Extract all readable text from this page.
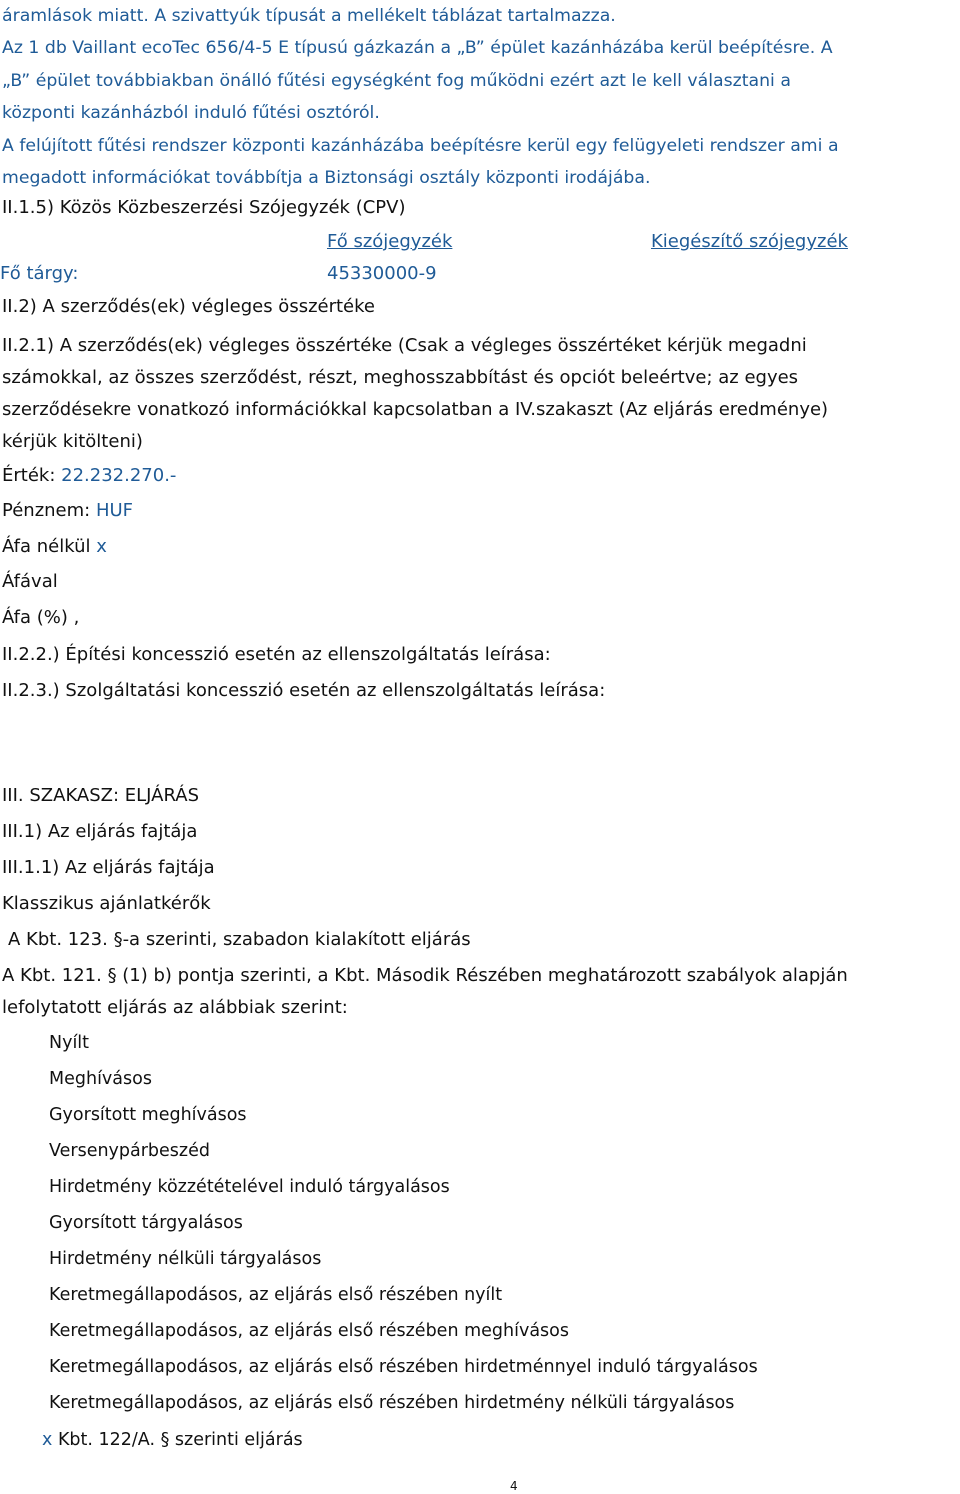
áramlások miatt. A szivattyúk típusát a mellékelt táblázat tartalmazza.
Az 1 db Vaillant ecoTec 656/4-5 E típusú gázkazán a „B” épület kazánházába kerül beépítésre. A
„B” épület továbbiakban önálló fűtési egységként fog működni ezért azt le kell választani a
központi kazánházból induló fűtési osztóról.
A felújított fűtési rendszer központi kazánházába beépítésre kerül egy felügyeleti rendszer ami a
megadott információkat továbbítja a Biztonsági osztály központi irodájába.
II.1.5) Közös Közbeszerzési Szójegyzék (CPV)
Fő szójegyzék	Kiegészítő szójegyzék
Fő tárgy:	45330000-9
II.2) A szerződés(ek) végleges összértéke
II.2.1) A szerződés(ek) végleges összértéke (Csak a végleges összértéket kérjük megadni
számokkal, az összes szerződést, részt, meghosszabbítást és opciót beleértve; az egyes
szerződésekre vonatkozó információkkal kapcsolatban a IV.szakaszt (Az eljárás eredménye)
kérjük kitölteni)
Érték: 22.232.270.-
Pénznem: HUF
Áfa nélkül x
Áfával
Áfa (%) ,
II.2.2.) Építési koncesszió esetén az ellenszolgáltatás leírása:
II.2.3.) Szolgáltatási koncesszió esetén az ellenszolgáltatás leírása:
III. SZAKASZ: ELJÁRÁS
III.1) Az eljárás fajtája
III.1.1) Az eljárás fajtája
Klasszikus ajánlatkérők
A Kbt. 123. §-a szerinti, szabadon kialakított eljárás
A Kbt. 121. § (1) b) pontja szerinti, a Kbt. Második Részében meghatározott szabályok alapján
lefolytatott eljárás az alábbiak szerint:
Nyílt
Meghívásos
Gyorsított meghívásos
Versenypárbeszéd
Hirdetmény közzétételével induló tárgyalásos
Gyorsított tárgyalásos
Hirdetmény nélküli tárgyalásos
Keretmegállapodásos, az eljárás első részében nyílt
Keretmegállapodásos, az eljárás első részében meghívásos
Keretmegállapodásos, az eljárás első részében hirdetménnyel induló tárgyalásos
Keretmegállapodásos, az eljárás első részében hirdetmény nélküli tárgyalásos
x Kbt. 122/A. § szerinti eljárás
4
